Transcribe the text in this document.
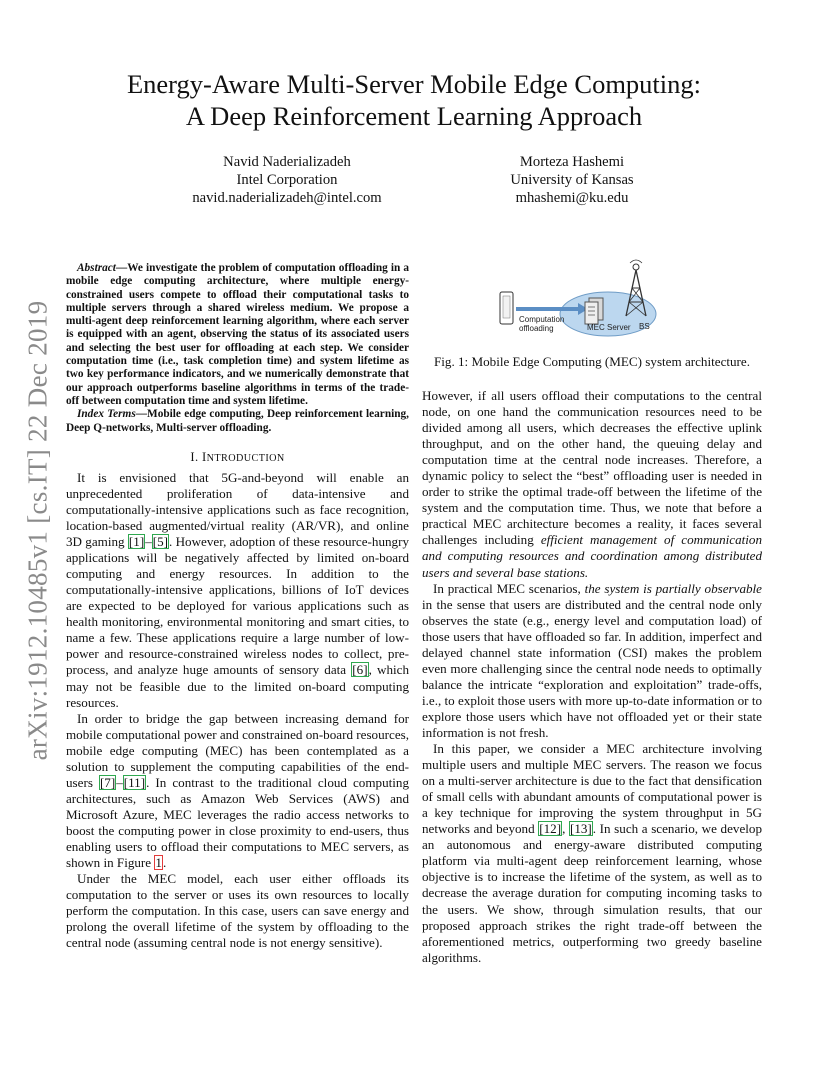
arXiv:1912.10485v1 [cs.IT] 22 Dec 2019
Energy-Aware Multi-Server Mobile Edge Computing:
A Deep Reinforcement Learning Approach
Navid Naderializadeh
Intel Corporation
navid.naderializadeh@intel.com
Morteza Hashemi
University of Kansas
mhashemi@ku.edu

Abstract—We investigate the problem of computation offloading in a mobile edge computing architecture, where multiple energy-constrained users compete to offload their computational tasks to multiple servers through a shared wireless medium. We propose a multi-agent deep reinforcement learning algorithm, where each server is equipped with an agent, observing the status of its associated users and selecting the best user for offloading at each step. We consider computation time (i.e., task completion time) and system lifetime as two key performance indicators, and we numerically demonstrate that our approach outperforms baseline algorithms in terms of the trade-off between computation time and system lifetime.

Index Terms—Mobile edge computing, Deep reinforcement learning, Deep Q-networks, Multi-server offloading.

I. INTRODUCTION

It is envisioned that 5G-and-beyond will enable an unprecedented proliferation of data-intensive and computationally-intensive applications such as face recognition, location-based augmented/virtual reality (AR/VR), and online 3D gaming [1]–[5]. However, adoption of these resource-hungry applications will be negatively affected by limited on-board computing and energy resources. In addition to the computationally-intensive applications, billions of IoT devices are expected to be deployed for various applications such as health monitoring, environmental monitoring and smart cities, to name a few. These applications require a large number of low-power and resource-constrained wireless nodes to collect, pre-process, and analyze huge amounts of sensory data [6], which may not be feasible due to the limited on-board computing resources.

In order to bridge the gap between increasing demand for mobile computational power and constrained on-board resources, mobile edge computing (MEC) has been contemplated as a solution to supplement the computing capabilities of the end-users [7]–[11]. In contrast to the traditional cloud computing architectures, such as Amazon Web Services (AWS) and Microsoft Azure, MEC leverages the radio access networks to boost the computing power in close proximity to end-users, thus enabling users to offload their computations to MEC servers, as shown in Figure 1.

Under the MEC model, each user either offloads its computation to the server or uses its own resources to locally perform the computation. In this case, users can save energy and prolong the overall lifetime of the system by offloading to the central node (assuming central node is not energy sensitive).

Computation
offloading	MEC Server BS
Fig. 1: Mobile Edge Computing (MEC) system architecture.

However, if all users offload their computations to the central node, on one hand the communication resources need to be divided among all users, which decreases the effective uplink throughput, and on the other hand, the queuing delay and computation time at the central node increases. Therefore, a dynamic policy to select the “best” offloading user is needed in order to strike the optimal trade-off between the lifetime of the system and the computation time. Thus, we note that before a practical MEC architecture becomes a reality, it faces several challenges including efficient management of communication and computing resources and coordination among distributed users and several base stations.

In practical MEC scenarios, the system is partially observable in the sense that users are distributed and the central node only observes the state (e.g., energy level and computation load) of those users that have offloaded so far. In addition, imperfect and delayed channel state information (CSI) makes the problem even more challenging since the central node needs to optimally balance the intricate “exploration and exploitation” trade-offs, i.e., to exploit those users with more up-to-date information or to explore those users which have not offloaded yet or their state information is not fresh.

In this paper, we consider a MEC architecture involving multiple users and multiple MEC servers. The reason we focus on a multi-server architecture is due to the fact that densification of small cells with abundant amounts of computational power is a key technique for improving the system throughput in 5G networks and beyond [12], [13]. In such a scenario, we develop an autonomous and energy-aware distributed computing platform via multi-agent deep reinforcement learning, whose objective is to increase the lifetime of the system, as well as to decrease the average duration for computing incoming tasks to the users. We show, through simulation results, that our proposed approach strikes the right trade-off between the aforementioned metrics, outperforming two greedy baseline algorithms.
